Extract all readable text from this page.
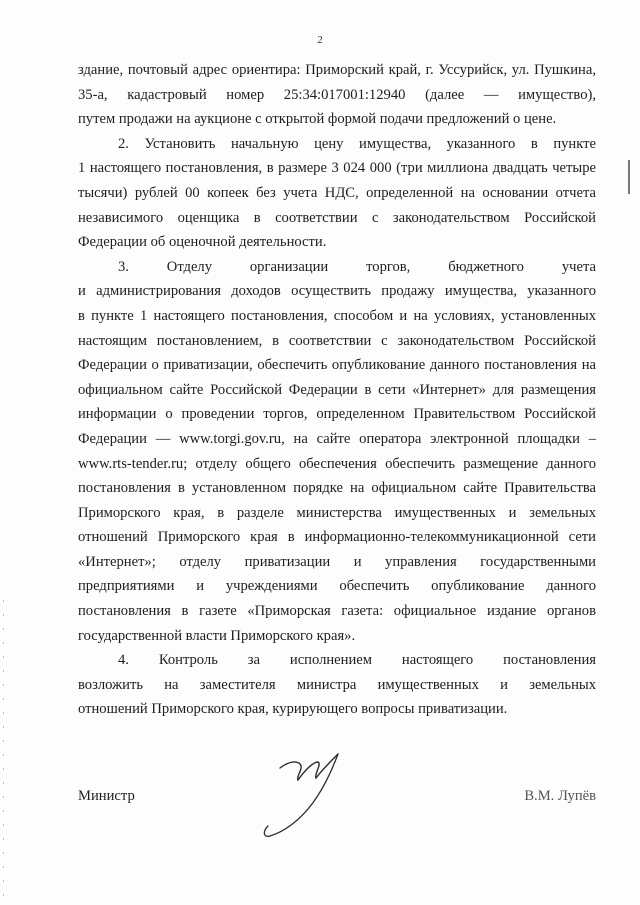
2

здание, почтовый адрес ориентира: Приморский край, г. Уссурийск, ул. Пушкина,
35-а, кадастровый номер 25:34:017001:12940 (далее — имущество),
путем продажи на аукционе с открытой формой подачи предложений о цене.

2. Установить начальную цену имущества, указанного в пункте
1 настоящего постановления, в размере 3 024 000 (три миллиона двадцать четыре
тысячи) рублей 00 копеек без учета НДС, определенной на основании отчета
независимого оценщика в соответствии с законодательством Российской
Федерации об оценочной деятельности.

3. Отделу организации торгов, бюджетного учета
и администрирования доходов осуществить продажу имущества, указанного
в пункте 1 настоящего постановления, способом и на условиях, установленных
настоящим постановлением, в соответствии с законодательством Российской
Федерации о приватизации, обеспечить опубликование данного постановления на
официальном сайте Российской Федерации в сети «Интернет» для размещения
информации о проведении торгов, определенном Правительством Российской
Федерации — www.torgi.gov.ru, на сайте оператора электронной площадки –
www.rts-tender.ru; отделу общего обеспечения обеспечить размещение данного
постановления в установленном порядке на официальном сайте Правительства
Приморского края, в разделе министерства имущественных и земельных
отношений Приморского края в информационно-телекоммуникационной сети
«Интернет»; отделу приватизации и управления государственными
предприятиями и учреждениями обеспечить опубликование данного
постановления в газете «Приморская газета: официальное издание органов
государственной власти Приморского края».

4. Контроль за исполнением настоящего постановления
возложить на заместителя министра имущественных и земельных
отношений Приморского края, курирующего вопросы приватизации.

Министр	В.М. Лупёв
